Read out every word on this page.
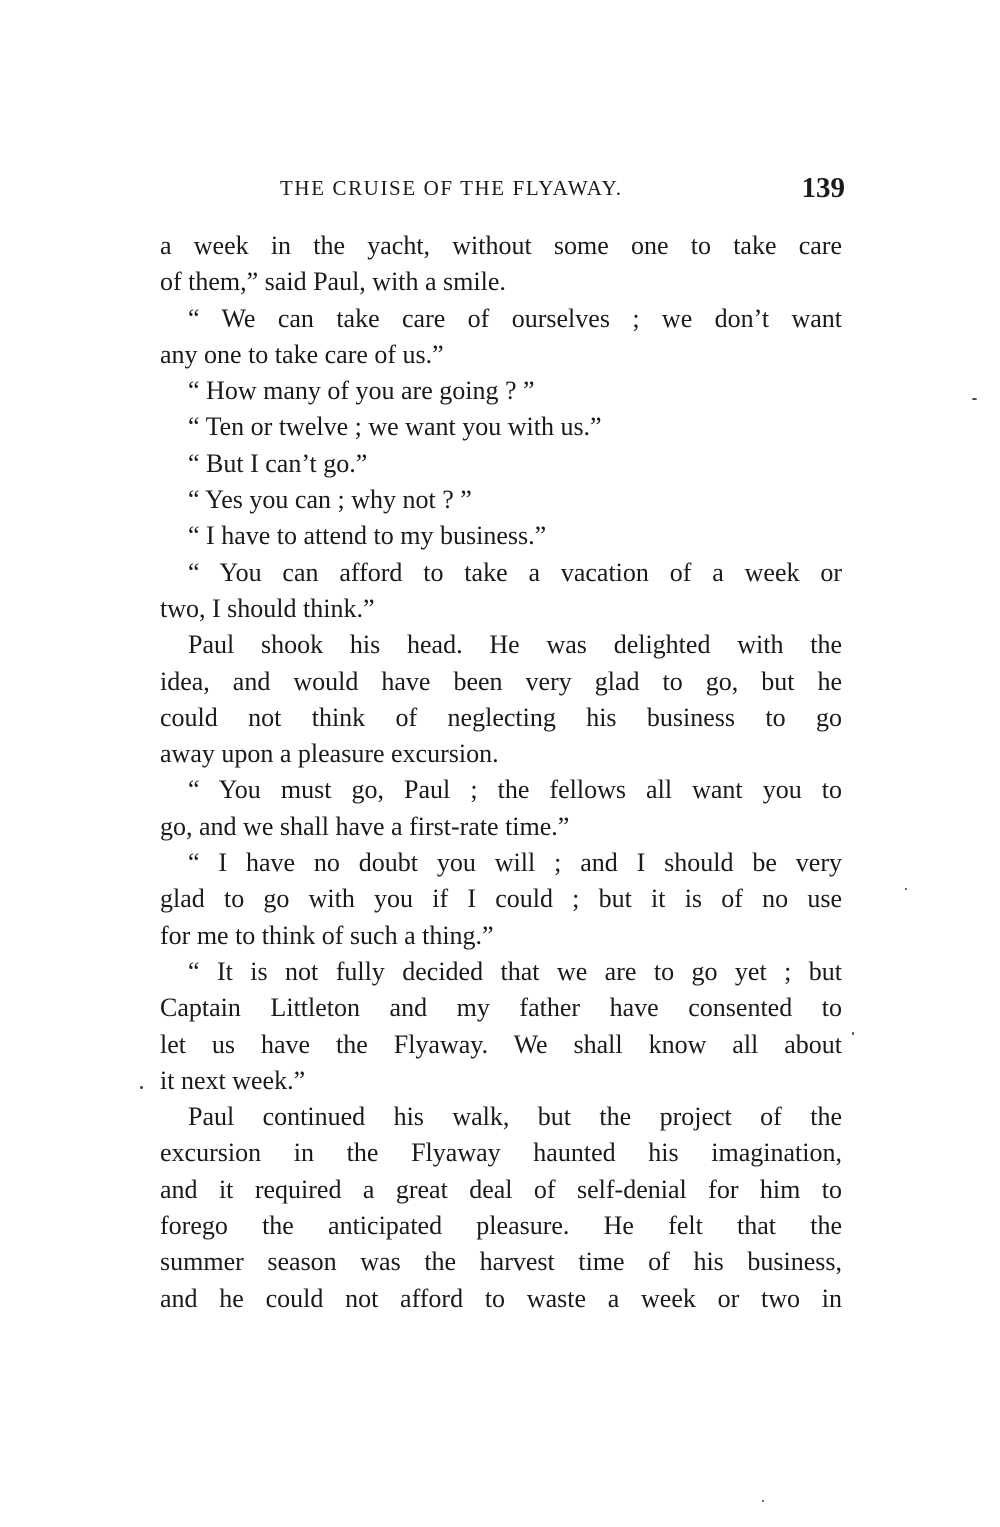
THE CRUISE OF THE FLYAWAY.	139
a week in the yacht, without some one to take care
of them,” said Paul, with a smile.
“ We can take care of ourselves ; we don’t want
any one to take care of us.”
“ How many of you are going ? ”
“ Ten or twelve ; we want you with us.”
“ But I can’t go.”
“ Yes you can ; why not ? ”
“ I have to attend to my business.”
“ You can afford to take a vacation of a week or
two, I should think.”
Paul shook his head. He was delighted with the
idea, and would have been very glad to go, but he
could not think of neglecting his business to go
away upon a pleasure excursion.
“ You must go, Paul ; the fellows all want you to
go, and we shall have a first-rate time.”
“ I have no doubt you will ; and I should be very
glad to go with you if I could ; but it is of no use
for me to think of such a thing.”
“ It is not fully decided that we are to go yet ; but
Captain Littleton and my father have consented to
let us have the Flyaway. We shall know all about
it next week.”
Paul continued his walk, but the project of the
excursion in the Flyaway haunted his imagination,
and it required a great deal of self-denial for him to
forego the anticipated pleasure. He felt that the
summer season was the harvest time of his business,
and he could not afford to waste a week or two in
